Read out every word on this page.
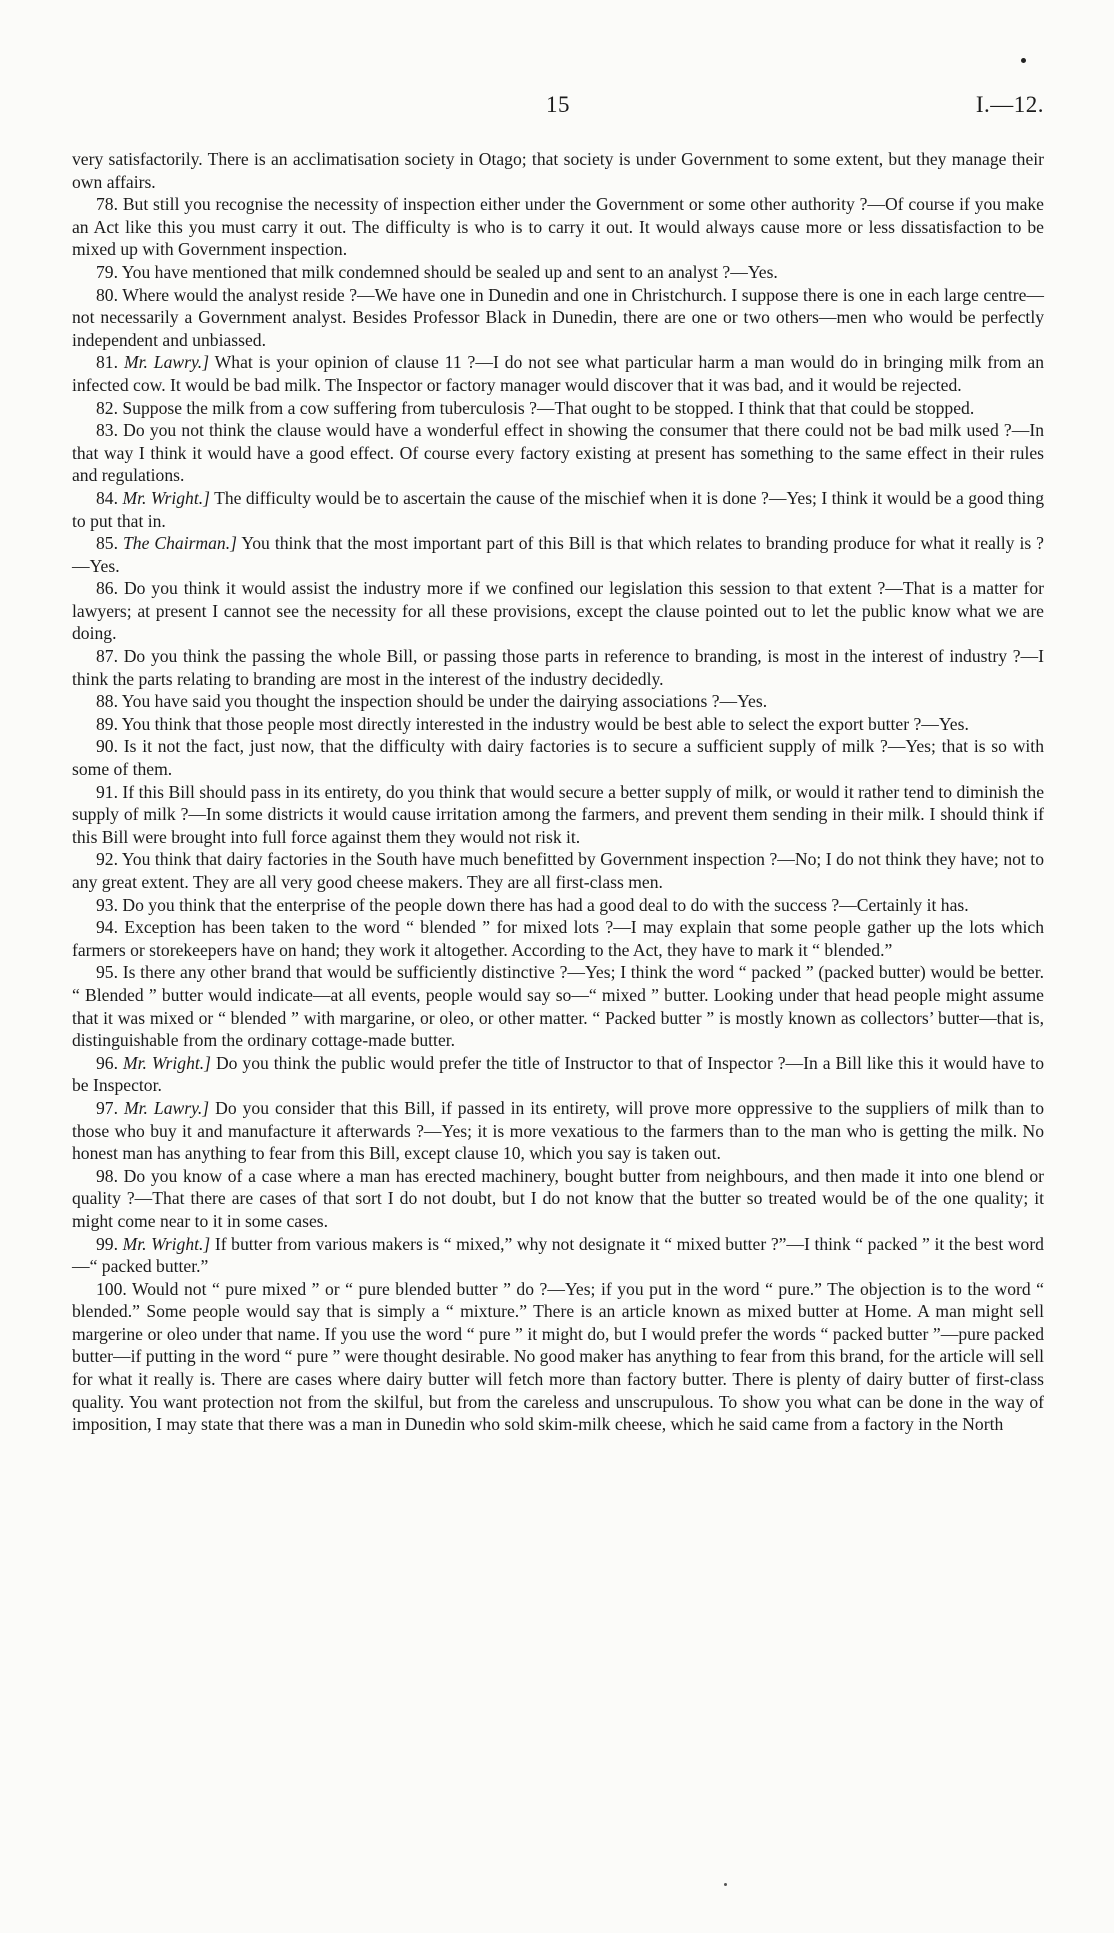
15	I.—12.

very satisfactorily. There is an acclimatisation society in Otago; that society is under Government to some extent, but they manage their own affairs.

78. But still you recognise the necessity of inspection either under the Government or some other authority ?—Of course if you make an Act like this you must carry it out. The difficulty is who is to carry it out. It would always cause more or less dissatisfaction to be mixed up with Government inspection.

79. You have mentioned that milk condemned should be sealed up and sent to an analyst ?—Yes.

80. Where would the analyst reside ?—We have one in Dunedin and one in Christchurch. I suppose there is one in each large centre—not necessarily a Government analyst. Besides Professor Black in Dunedin, there are one or two others—men who would be perfectly independent and unbiassed.

81. Mr. Lawry.] What is your opinion of clause 11 ?—I do not see what particular harm a man would do in bringing milk from an infected cow. It would be bad milk. The Inspector or factory manager would discover that it was bad, and it would be rejected.

82. Suppose the milk from a cow suffering from tuberculosis ?—That ought to be stopped. I think that that could be stopped.

83. Do you not think the clause would have a wonderful effect in showing the consumer that there could not be bad milk used ?—In that way I think it would have a good effect. Of course every factory existing at present has something to the same effect in their rules and regulations.

84. Mr. Wright.] The difficulty would be to ascertain the cause of the mischief when it is done ?—Yes; I think it would be a good thing to put that in.

85. The Chairman.] You think that the most important part of this Bill is that which relates to branding produce for what it really is ?—Yes.

86. Do you think it would assist the industry more if we confined our legislation this session to that extent ?—That is a matter for lawyers; at present I cannot see the necessity for all these provisions, except the clause pointed out to let the public know what we are doing.

87. Do you think the passing the whole Bill, or passing those parts in reference to branding, is most in the interest of industry ?—I think the parts relating to branding are most in the interest of the industry decidedly.

88. You have said you thought the inspection should be under the dairying associations ?—Yes.

89. You think that those people most directly interested in the industry would be best able to select the export butter ?—Yes.

90. Is it not the fact, just now, that the difficulty with dairy factories is to secure a sufficient supply of milk ?—Yes; that is so with some of them.

91. If this Bill should pass in its entirety, do you think that would secure a better supply of milk, or would it rather tend to diminish the supply of milk ?—In some districts it would cause irritation among the farmers, and prevent them sending in their milk. I should think if this Bill were brought into full force against them they would not risk it.

92. You think that dairy factories in the South have much benefitted by Government inspection ?—No; I do not think they have; not to any great extent. They are all very good cheese makers. They are all first-class men.

93. Do you think that the enterprise of the people down there has had a good deal to do with the success ?—Certainly it has.

94. Exception has been taken to the word “ blended ” for mixed lots ?—I may explain that some people gather up the lots which farmers or storekeepers have on hand; they work it altogether. According to the Act, they have to mark it “ blended.”

95. Is there any other brand that would be sufficiently distinctive ?—Yes; I think the word “ packed ” (packed butter) would be better. “ Blended ” butter would indicate—at all events, people would say so—“ mixed ” butter. Looking under that head people might assume that it was mixed or “ blended ” with margarine, or oleo, or other matter. “ Packed butter ” is mostly known as collectors’ butter—that is, distinguishable from the ordinary cottage-made butter.

96. Mr. Wright.] Do you think the public would prefer the title of Instructor to that of Inspector ?—In a Bill like this it would have to be Inspector.

97. Mr. Lawry.] Do you consider that this Bill, if passed in its entirety, will prove more oppressive to the suppliers of milk than to those who buy it and manufacture it afterwards ?—Yes; it is more vexatious to the farmers than to the man who is getting the milk. No honest man has anything to fear from this Bill, except clause 10, which you say is taken out.

98. Do you know of a case where a man has erected machinery, bought butter from neighbours, and then made it into one blend or quality ?—That there are cases of that sort I do not doubt, but I do not know that the butter so treated would be of the one quality; it might come near to it in some cases.

99. Mr. Wright.] If butter from various makers is “ mixed,” why not designate it “ mixed butter ?”—I think “ packed ” it the best word—“ packed butter.”

100. Would not “ pure mixed ” or “ pure blended butter ” do ?—Yes; if you put in the word “ pure.” The objection is to the word “ blended.” Some people would say that is simply a “ mixture.” There is an article known as mixed butter at Home. A man might sell margerine or oleo under that name. If you use the word “ pure ” it might do, but I would prefer the words “ packed butter ”—pure packed butter—if putting in the word “ pure ” were thought desirable. No good maker has anything to fear from this brand, for the article will sell for what it really is. There are cases where dairy butter will fetch more than factory butter. There is plenty of dairy butter of first-class quality. You want protection not from the skilful, but from the careless and unscrupulous. To show you what can be done in the way of imposition, I may state that there was a man in Dunedin who sold skim-milk cheese, which he said came from a factory in the North
